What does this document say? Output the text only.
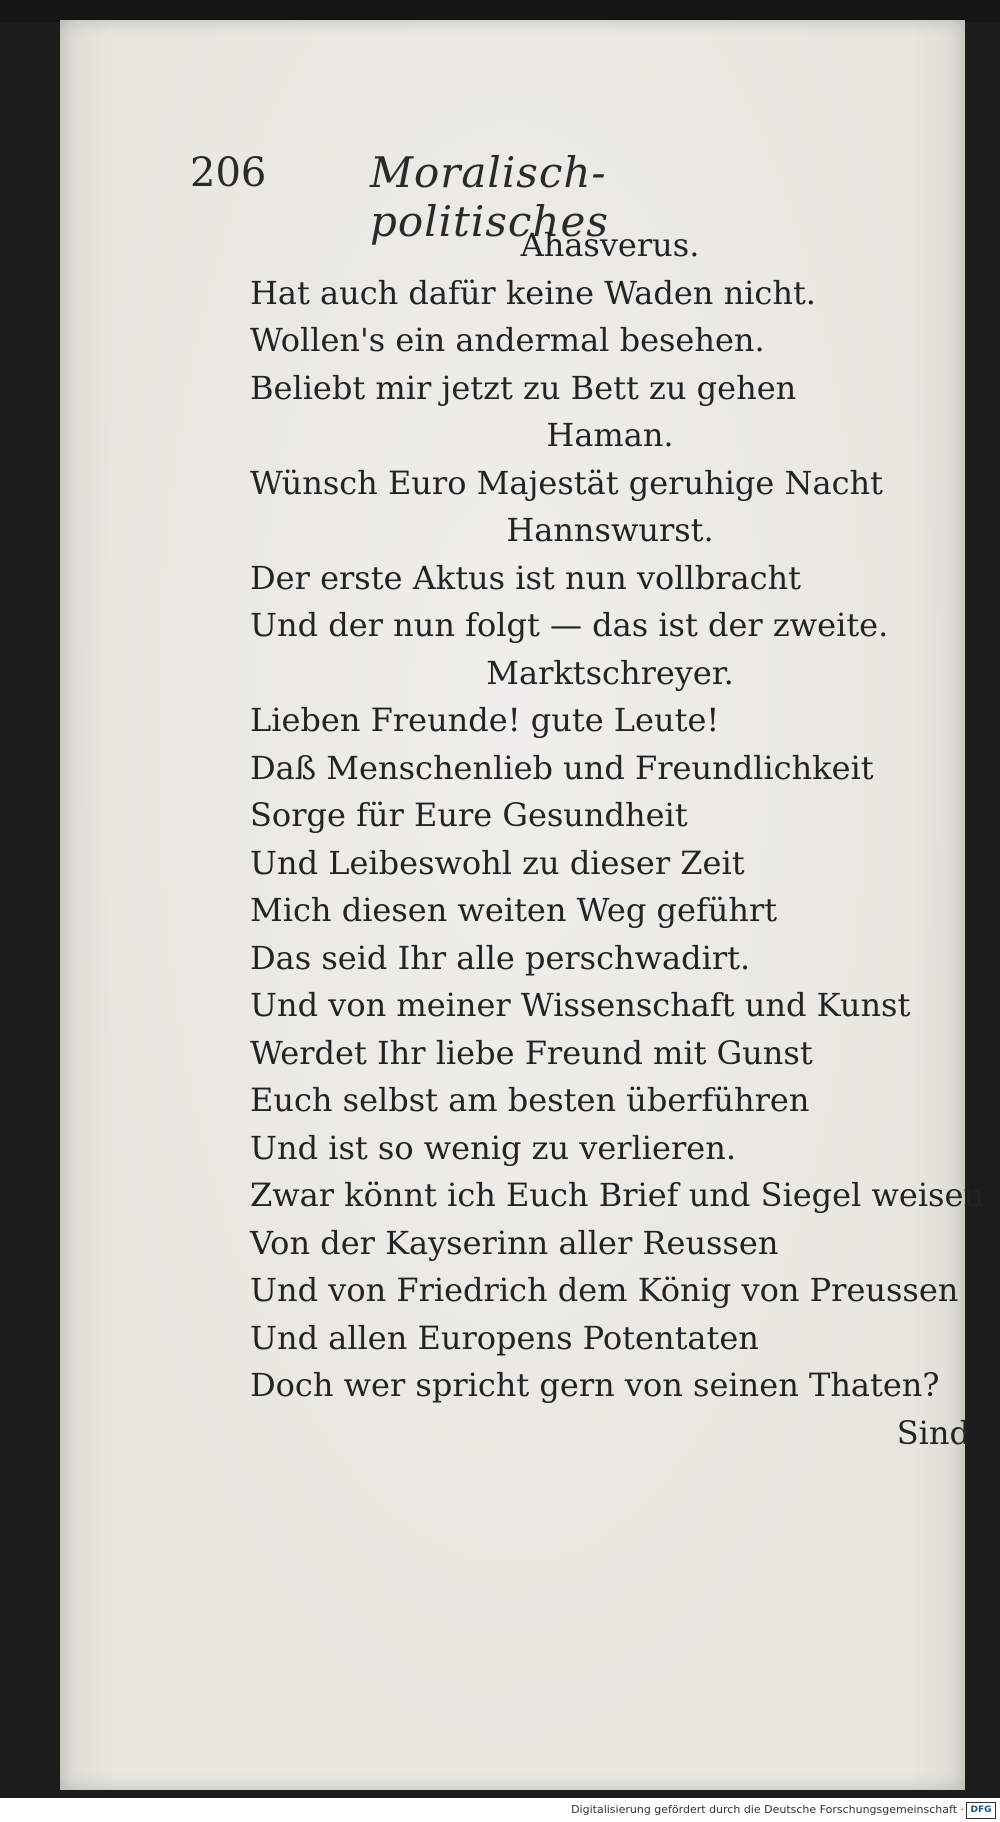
206 Moralisch-politisches
Ahasverus.
Hat auch dafür keine Waden nicht.
Wollen's ein andermal besehen.
Beliebt mir jetzt zu Bett zu gehen
Haman.
Wünsch Euro Majestät geruhige Nacht
Hannswurst.
Der erste Aktus ist nun vollbracht
Und der nun folgt — das ist der zweite.
Marktschreyer.
Lieben Freunde! gute Leute!
Daß Menschenlieb und Freundlichkeit
Sorge für Eure Gesundheit
Und Leibeswohl zu dieser Zeit
Mich diesen weiten Weg geführt
Das seid Ihr alle perschwadirt.
Und von meiner Wissenschaft und Kunst
Werdet Ihr liebe Freund mit Gunst
Euch selbst am besten überführen
Und ist so wenig zu verlieren.
Zwar könnt ich Euch Brief und Siegel weisen
Von der Kayserinn aller Reussen
Und von Friedrich dem König von Preussen
Und allen Europens Potentaten
Doch wer spricht gern von seinen Thaten?
Sind
Digitalisierung gefördert durch die Deutsche Forschungsgemeinschaft · DFG
